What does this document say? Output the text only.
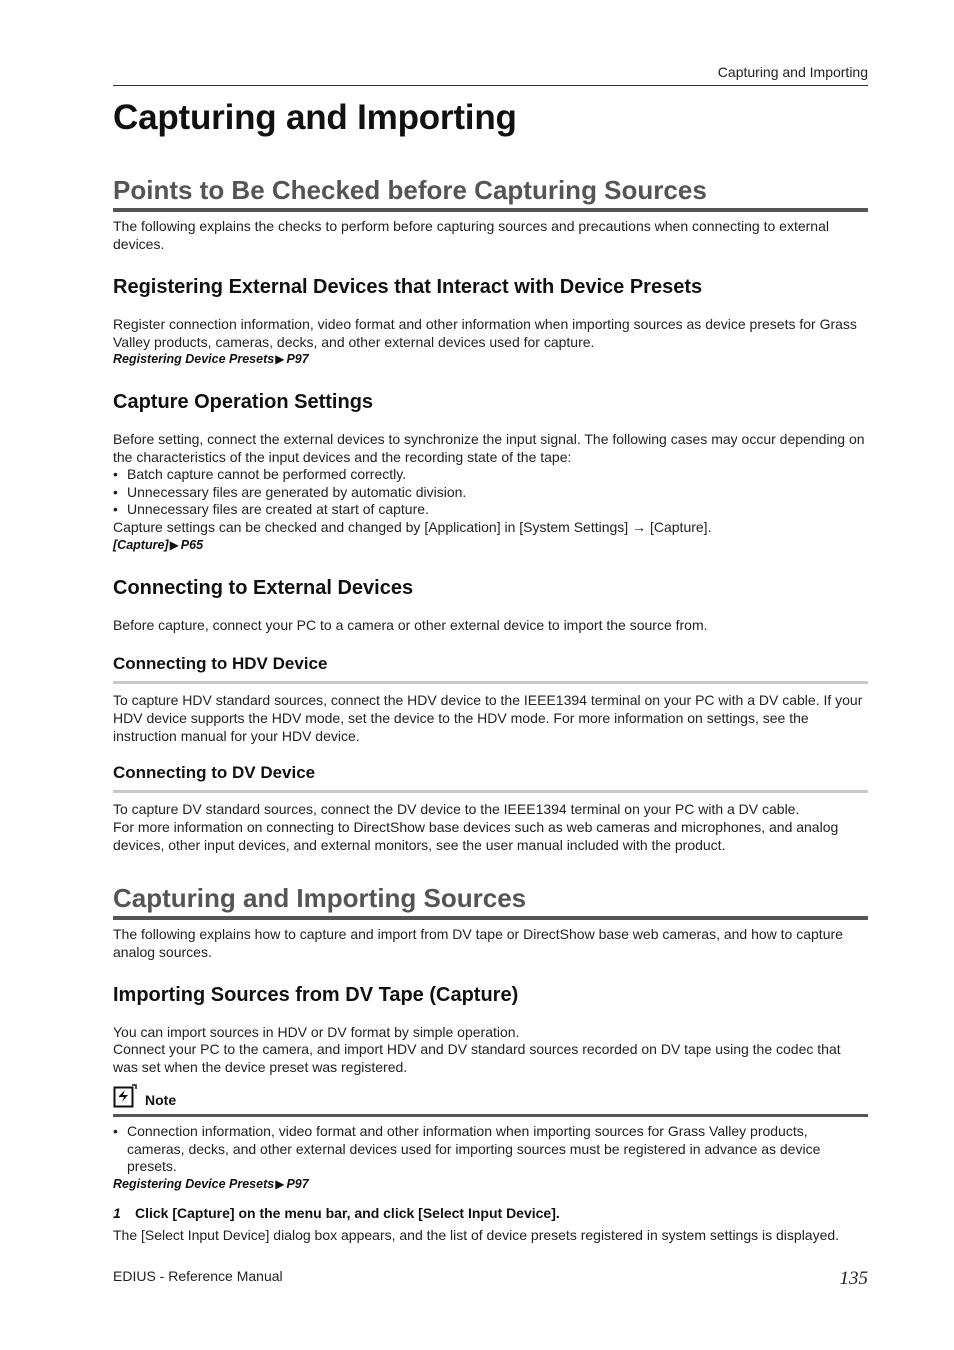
Capturing and Importing
Capturing and Importing
Points to Be Checked before Capturing Sources

The following explains the checks to perform before capturing sources and precautions when connecting to external devices.

Registering External Devices that Interact with Device Presets

Register connection information, video format and other information when importing sources as device presets for Grass Valley products, cameras, decks, and other external devices used for capture.

Registering Device Presets▶ P97
Capture Operation Settings

Before setting, connect the external devices to synchronize the input signal. The following cases may occur depending on the characteristics of the input devices and the recording state of the tape:

• Batch capture cannot be performed correctly.
• Unnecessary files are generated by automatic division.
• Unnecessary files are created at start of capture.

Capture settings can be checked and changed by [Application] in [System Settings] → [Capture].

[Capture]▶ P65
Connecting to External Devices

Before capture, connect your PC to a camera or other external device to import the source from.

Connecting to HDV Device

To capture HDV standard sources, connect the HDV device to the IEEE1394 terminal on your PC with a DV cable. If your HDV device supports the HDV mode, set the device to the HDV mode. For more information on settings, see the instruction manual for your HDV device.

Connecting to DV Device

To capture DV standard sources, connect the DV device to the IEEE1394 terminal on your PC with a DV cable.

For more information on connecting to DirectShow base devices such as web cameras and microphones, and analog devices, other input devices, and external monitors, see the user manual included with the product.

Capturing and Importing Sources

The following explains how to capture and import from DV tape or DirectShow base web cameras, and how to capture analog sources.

Importing Sources from DV Tape (Capture)

You can import sources in HDV or DV format by simple operation.

Connect your PC to the camera, and import HDV and DV standard sources recorded on DV tape using the codec that was set when the device preset was registered.

Note
• Connection information, video format and other information when importing sources for Grass Valley products, cameras, decks, and other external devices used for importing sources must be registered in advance as device presets.
Registering Device Presets▶ P97
1 Click [Capture] on the menu bar, and click [Select Input Device].

The [Select Input Device] dialog box appears, and the list of device presets registered in system settings is displayed.

EDIUS - Reference Manual	135
